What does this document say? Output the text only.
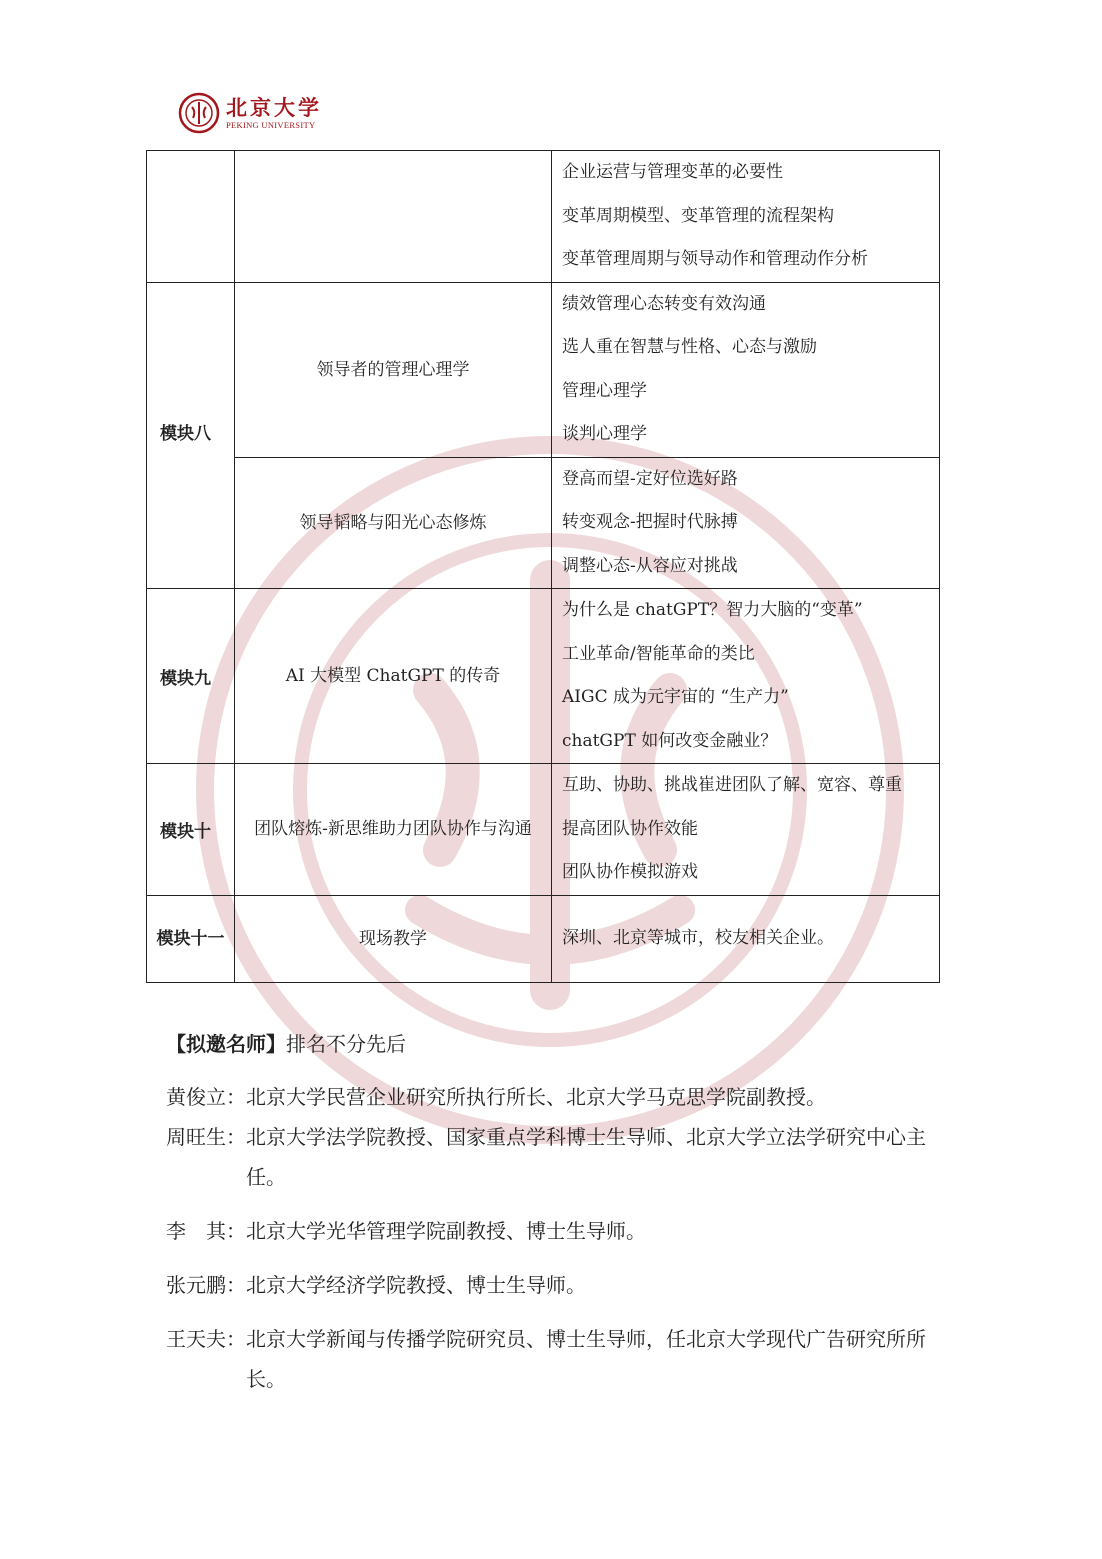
北京大学
PEKING UNIVERSITY

		企业运营与管理变革的必要性
变革周期模型、变革管理的流程架构
变革管理周期与领导动作和管理动作分析

模块八	领导者的管理心理学	绩效管理心态转变有效沟通
选人重在智慧与性格、心态与激励
管理心理学
谈判心理学

	领导韬略与阳光心态修炼	登高而望-定好位选好路
转变观念-把握时代脉搏
调整心态-从容应对挑战

模块九	AI 大模型 ChatGPT 的传奇	为什么是 chatGPT？智力大脑的“变革”
工业革命/智能革命的类比
AIGC 成为元宇宙的 “生产力”
chatGPT 如何改变金融业？

模块十	团队熔炼-新思维助力团队协作与沟通	互助、协助、挑战崔进团队了解、宽容、尊重
提高团队协作效能
团队协作模拟游戏

模块十一	现场教学	深圳、北京等城市，校友相关企业。
【拟邀名师】排名不分先后
黄俊立： 北京大学民营企业研究所执行所长、北京大学马克思学院副教授。
周旺生： 北京大学法学院教授、国家重点学科博士生导师、北京大学立法学研究中心主任。
李　其： 北京大学光华管理学院副教授、博士生导师。
张元鹏： 北京大学经济学院教授、博士生导师。
王天夫： 北京大学新闻与传播学院研究员、博士生导师，任北京大学现代广告研究所所长。
